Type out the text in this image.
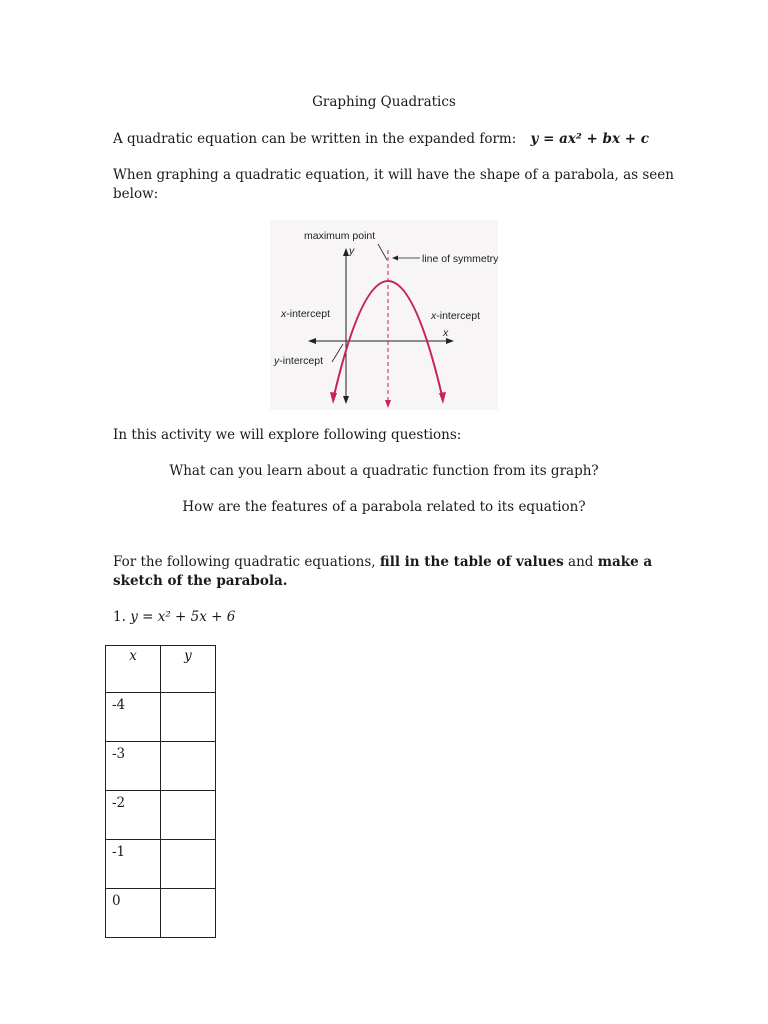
Graphing Quadratics
A quadratic equation can be written in the expanded form: y = ax² + bx + c
When graphing a quadratic equation, it will have the shape of a parabola, as seen
below:
maximum point
y
line of symmetry
x-intercept	x-intercept
x
y-intercept
In this activity we will explore following questions:
What can you learn about a quadratic function from its graph?
How are the features of a parabola related to its equation?
For the following quadratic equations, fill in the table of values and make a
sketch of the parabola.
1. y = x² + 5x + 6
x	y
-4	
-3	
-2	
-1	
0	
